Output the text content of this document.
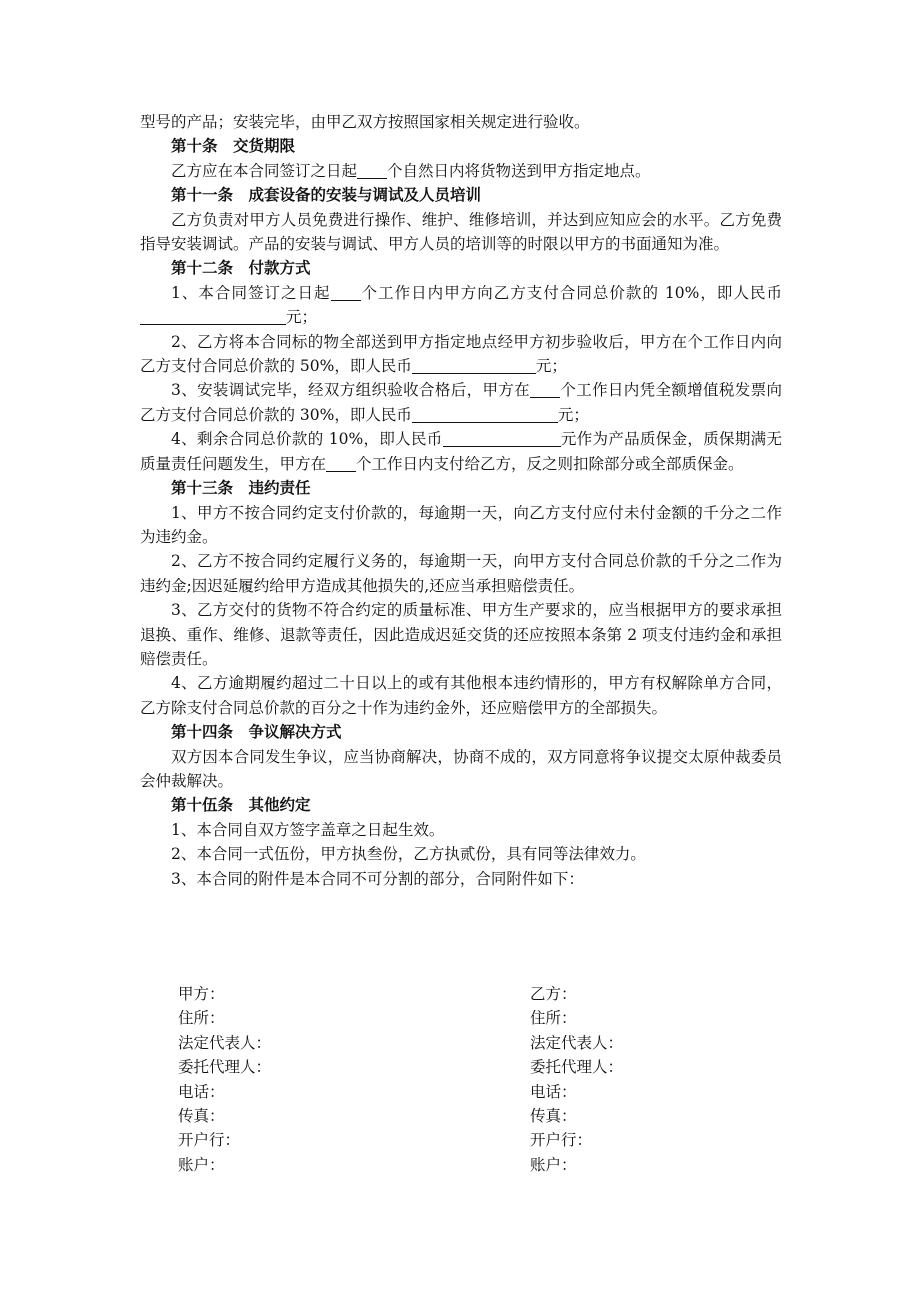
型号的产品；安装完毕，由甲乙双方按照国家相关规定进行验收。

第十条 交货期限

乙方应在本合同签订之日起 个自然日内将货物送到甲方指定地点。

第十一条 成套设备的安装与调试及人员培训

乙方负责对甲方人员免费进行操作、维护、维修培训，并达到应知应会的水平。乙方免费指导安装调试。产品的安装与调试、甲方人员的培训等的时限以甲方的书面通知为准。

第十二条 付款方式

1、本合同签订之日起 个工作日内甲方向乙方支付合同总价款的 10%，即人民币元；

2、乙方将本合同标的物全部送到甲方指定地点经甲方初步验收后，甲方在个工作日内向乙方支付合同总价款的 50%，即人民币	元；

3、安装调试完毕，经双方组织验收合格后，甲方在 个工作日内凭全额增值税发票向乙方支付合同总价款的 30%，即人民币	元；

4、剩余合同总价款的 10%，即人民币	元作为产品质保金，质保期满无质量责任问题发生，甲方在 个工作日内支付给乙方，反之则扣除部分或全部质保金。

第十三条 违约责任

1、甲方不按合同约定支付价款的，每逾期一天，向乙方支付应付未付金额的千分之二作为违约金。

2、乙方不按合同约定履行义务的，每逾期一天，向甲方支付合同总价款的千分之二作为违约金;因迟延履约给甲方造成其他损失的,还应当承担赔偿责任。

3、乙方交付的货物不符合约定的质量标准、甲方生产要求的，应当根据甲方的要求承担退换、重作、维修、退款等责任，因此造成迟延交货的还应按照本条第 2 项支付违约金和承担赔偿责任。

4、乙方逾期履约超过二十日以上的或有其他根本违约情形的，甲方有权解除单方合同，乙方除支付合同总价款的百分之十作为违约金外，还应赔偿甲方的全部损失。

第十四条 争议解决方式

双方因本合同发生争议，应当协商解决，协商不成的，双方同意将争议提交太原仲裁委员会仲裁解决。

第十伍条 其他约定

1、本合同自双方签字盖章之日起生效。

2、本合同一式伍份，甲方执叁份，乙方执贰份，具有同等法律效力。

3、本合同的附件是本合同不可分割的部分，合同附件如下：

甲方：	乙方：
住所：	住所：
法定代表人：	法定代表人：
委托代理人：	委托代理人：
电话：	电话：
传真：	传真：
开户行：	开户行：
账户：	账户：
